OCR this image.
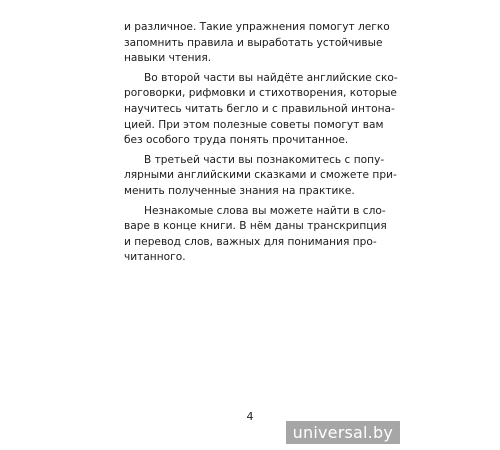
и различное. Такие упражнения помогут легко
запомнить правила и выработать устойчивые
навыки чтения.

Во второй части вы найдёте английские ско-
роговорки, рифмовки и стихотворения, которые
научитесь читать бегло и с правильной интона-
цией. При этом полезные советы помогут вам
без особого труда понять прочитанное.

В третьей части вы познакомитесь с попу-
лярными английскими сказками и сможете при-
менить полученные знания на практике.

Незнакомые слова вы можете найти в сло-
варе в конце книги. В нём даны транскрипция
и перевод слов, важных для понимания про-
читанного.

4
universal.by
